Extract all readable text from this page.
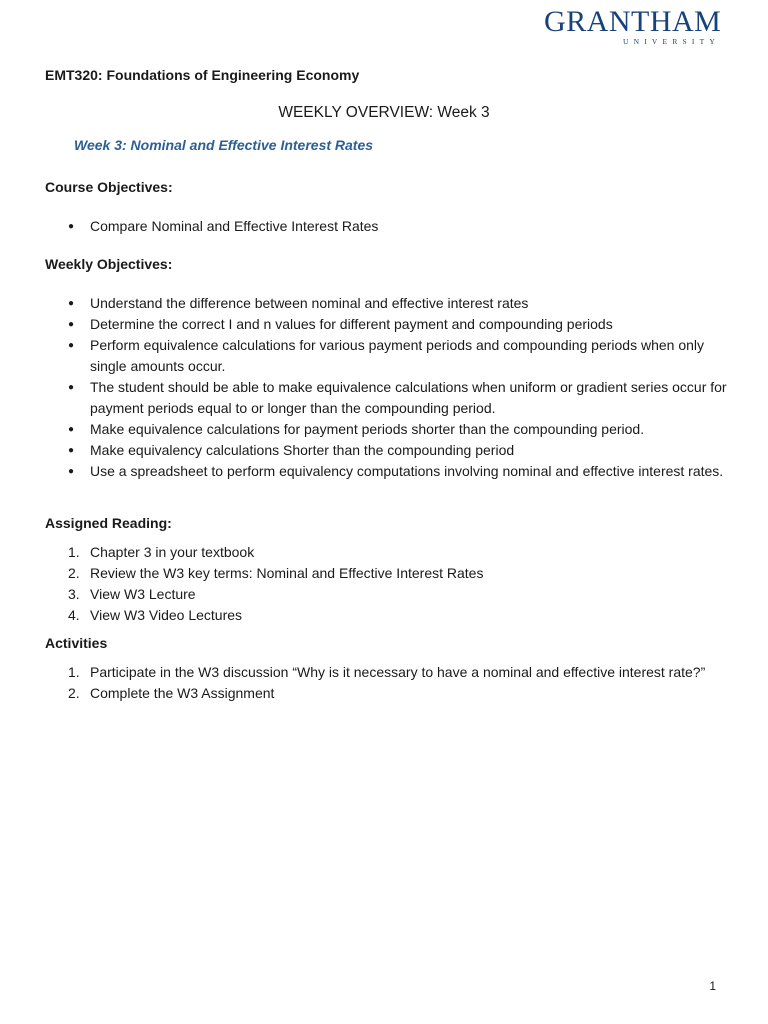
GRANTHAM
UNIVERSITY

EMT320: Foundations of Engineering Economy

WEEKLY OVERVIEW: Week 3

Week 3: Nominal and Effective Interest Rates

Course Objectives:

● Compare Nominal and Effective Interest Rates

Weekly Objectives:

● Understand the difference between nominal and effective interest rates
● Determine the correct I and n values for different payment and compounding periods
● Perform equivalence calculations for various payment periods and compounding periods when only single amounts occur.
● The student should be able to make equivalence calculations when uniform or gradient series occur for payment periods equal to or longer than the compounding period.
● Make equivalence calculations for payment periods shorter than the compounding period.
● Make equivalency calculations Shorter than the compounding period
● Use a spreadsheet to perform equivalency computations involving nominal and effective interest rates.

Assigned Reading:

1. Chapter 3 in your textbook
2. Review the W3 key terms: Nominal and Effective Interest Rates
3. View W3 Lecture
4. View W3 Video Lectures

Activities

1. Participate in the W3 discussion “Why is it necessary to have a nominal and effective interest rate?”
2. Complete the W3 Assignment
1
